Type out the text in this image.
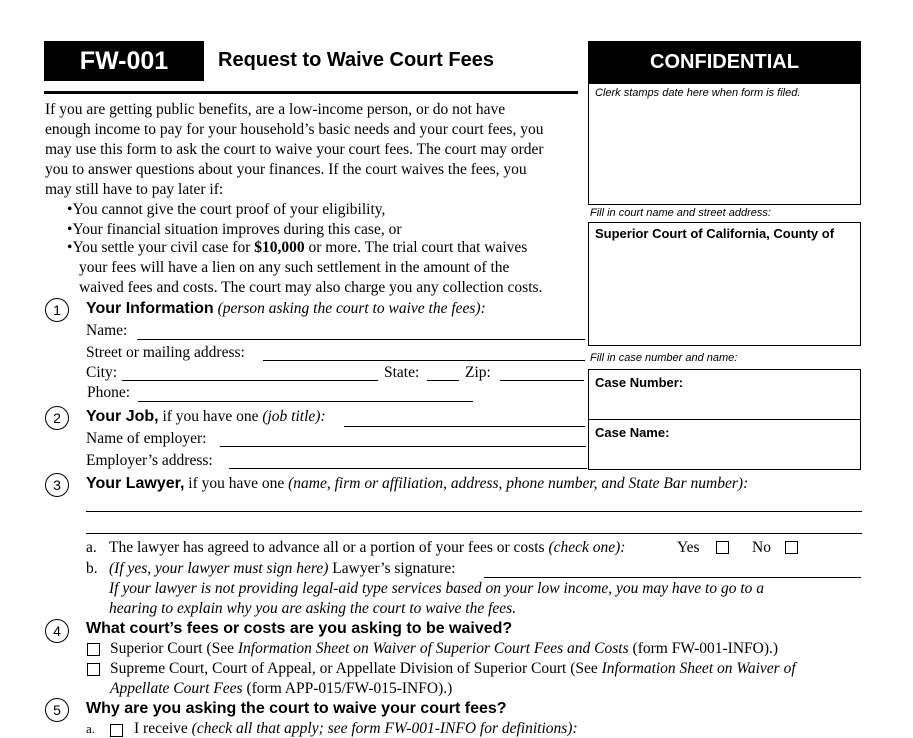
FW-001	Request to Waive Court Fees	CONFIDENTIAL
Clerk stamps date here when form is filed.
Fill in court name and street address:
Superior Court of California, County of
Fill in case number and name:
Case Number:
Case Name:
If you are getting public benefits, are a low-income person, or do not have
enough income to pay for your household’s basic needs and your court fees, you
may use this form to ask the court to waive your court fees. The court may order
you to answer questions about your finances. If the court waives the fees, you
may still have to pay later if:
•You cannot give the court proof of your eligibility,
•Your financial situation improves during this case, or
•You settle your civil case for $10,000 or more. The trial court that waives
your fees will have a lien on any such settlement in the amount of the
waived fees and costs. The court may also charge you any collection costs.
1	Your Information (person asking the court to waive the fees):
Name:
Street or mailing address:
City:	State:	Zip:
Phone:
2	Your Job, if you have one (job title):
Name of employer:
Employer’s address:
3	Your Lawyer, if you have one (name, firm or affiliation, address, phone number, and State Bar number):
a. The lawyer has agreed to advance all or a portion of your fees or costs (check one):	Yes	No
b. (If yes, your lawyer must sign here) Lawyer’s signature:
If your lawyer is not providing legal-aid type services based on your low income, you may have to go to a
hearing to explain why you are asking the court to waive the fees.
4	What court’s fees or costs are you asking to be waived?
Superior Court (See Information Sheet on Waiver of Superior Court Fees and Costs (form FW-001-INFO).)
Supreme Court, Court of Appeal, or Appellate Division of Superior Court (See Information Sheet on Waiver of
Appellate Court Fees (form APP-015/FW-015-INFO).)
5	Why are you asking the court to waive your court fees?
a.	I receive (check all that apply; see form FW-001-INFO for definitions):
